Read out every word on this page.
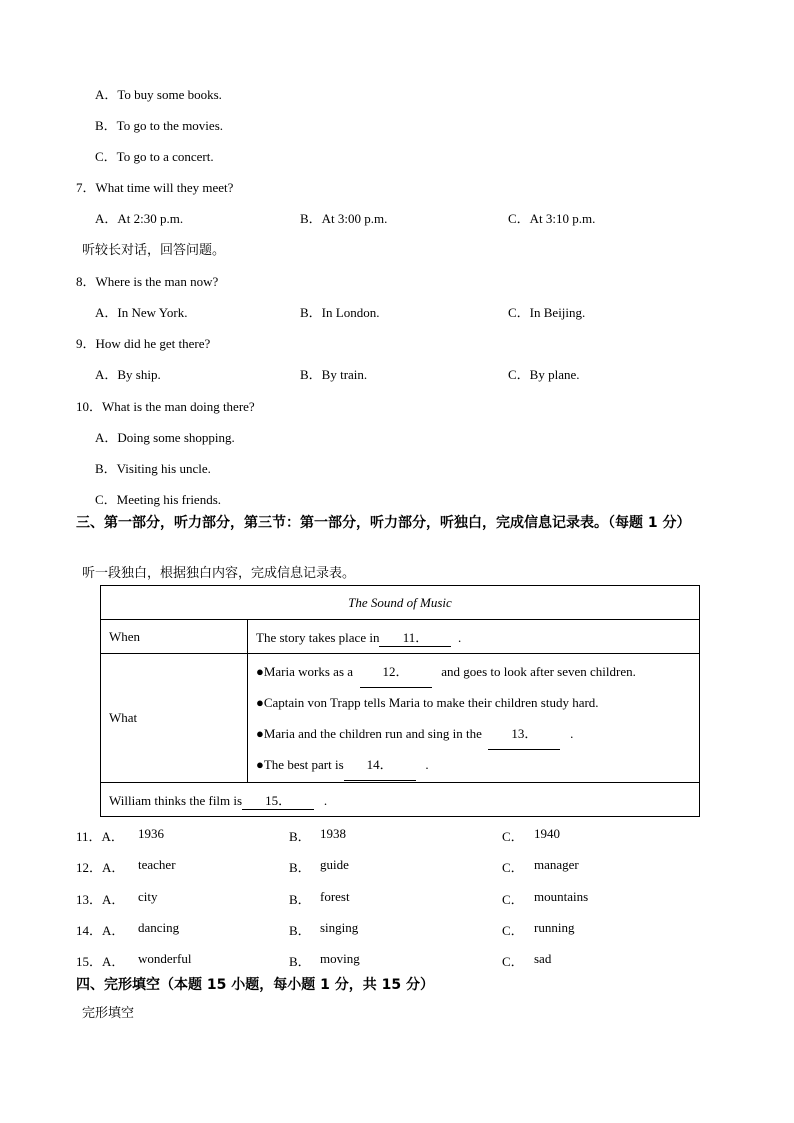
A．To buy some books.
B．To go to the movies.
C．To go to a concert.
7．What time will they meet?
A．At 2:30 p.m.	B．At 3:00 p.m.	C．At 3:10 p.m.
听较长对话，回答问题。
8．Where is the man now?
A．In New York.	B．In London.	C．In Beijing.
9．How did he get there?
A．By ship.	B．By train.	C．By plane.
10．What is the man doing there?
A．Doing some shopping.
B．Visiting his uncle.
C．Meeting his friends.
三、第一部分，听力部分，第三节：第一部分，听力部分，听独白，完成信息记录表。（每题 1 分）
听一段独白，根据独白内容，完成信息记录表。
The Sound of Music	
When	The story takes place in 11． .
What	●Maria works as a 12． and goes to look after seven children.
●Captain von Trapp tells Maria to make their children study hard.
●Maria and the children run and sing in the 13． .
●The best part is 14． .

William thinks the film is 15． .	
11．A． 1936	B． 1938	C． 1940
12．A． teacher	B． guide	C． manager
13．A． city	B． forest	C． mountains
14．A． dancing	B． singing	C． running
15．A． wonderful	B． moving	C． sad
四、完形填空（本题 15 小题，每小题 1 分，共 15 分）
完形填空
